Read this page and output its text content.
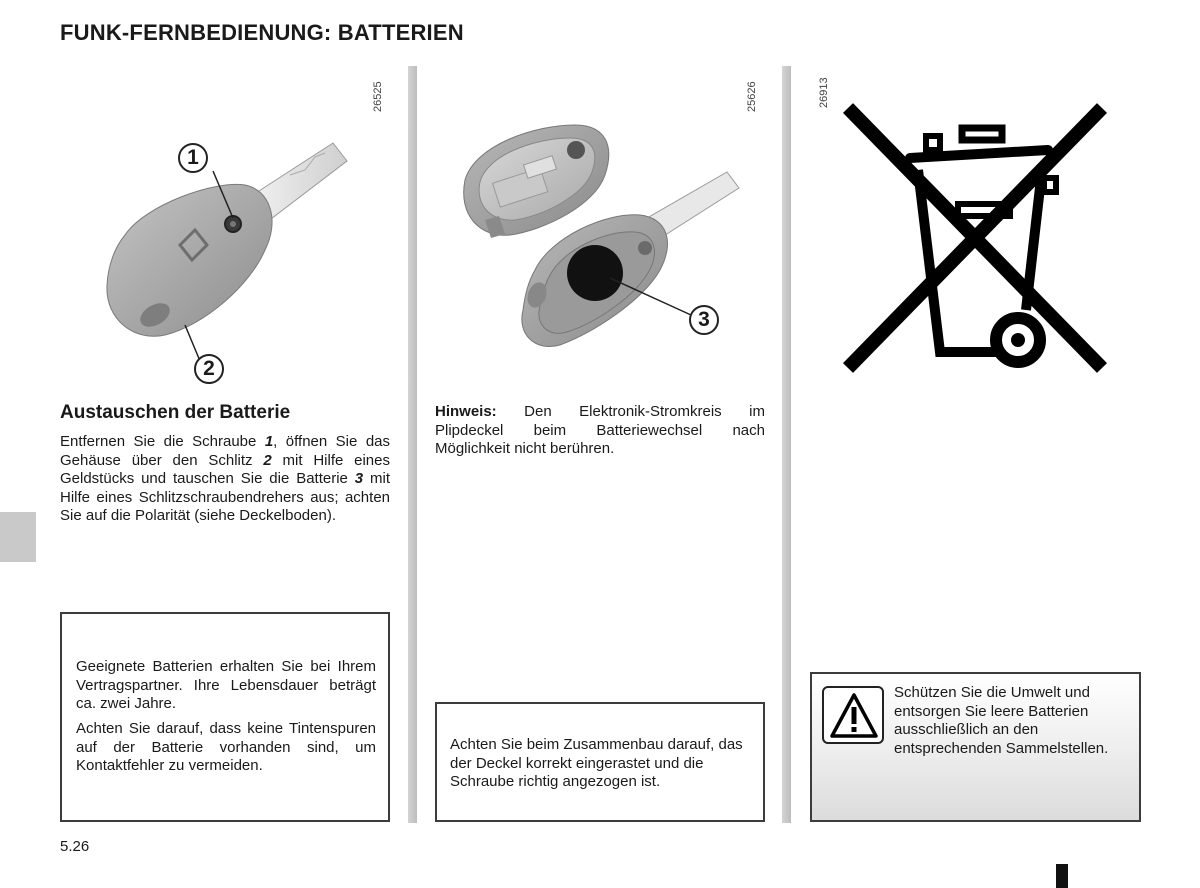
FUNK-FERNBEDIENUNG: BATTERIEN
26525
1
2
Austauschen der Batterie
Entfernen Sie die Schraube 1, öffnen Sie das Gehäuse über den Schlitz 2 mit Hilfe eines Geldstücks und tauschen Sie die Batterie 3 mit Hilfe eines Schlitzschraubendrehers aus; achten Sie auf die Polarität (siehe Deckelboden).

Geeignete Batterien erhalten Sie bei Ihrem Vertragspartner. Ihre Lebensdauer beträgt ca. zwei Jahre.

Achten Sie darauf, dass keine Tintenspuren auf der Batterie vorhanden sind, um Kontaktfehler zu vermeiden.

25626
3
Hinweis: Den Elektronik-Stromkreis im Plipdeckel beim Batteriewechsel nach Möglichkeit nicht berühren.

Achten Sie beim Zusammenbau darauf, das der Deckel korrekt eingerastet und die Schraube richtig angezogen ist.

26913
Schützen Sie die Umwelt und entsorgen Sie leere Batterien ausschließlich an den entsprechenden Sammelstellen.
5.26
